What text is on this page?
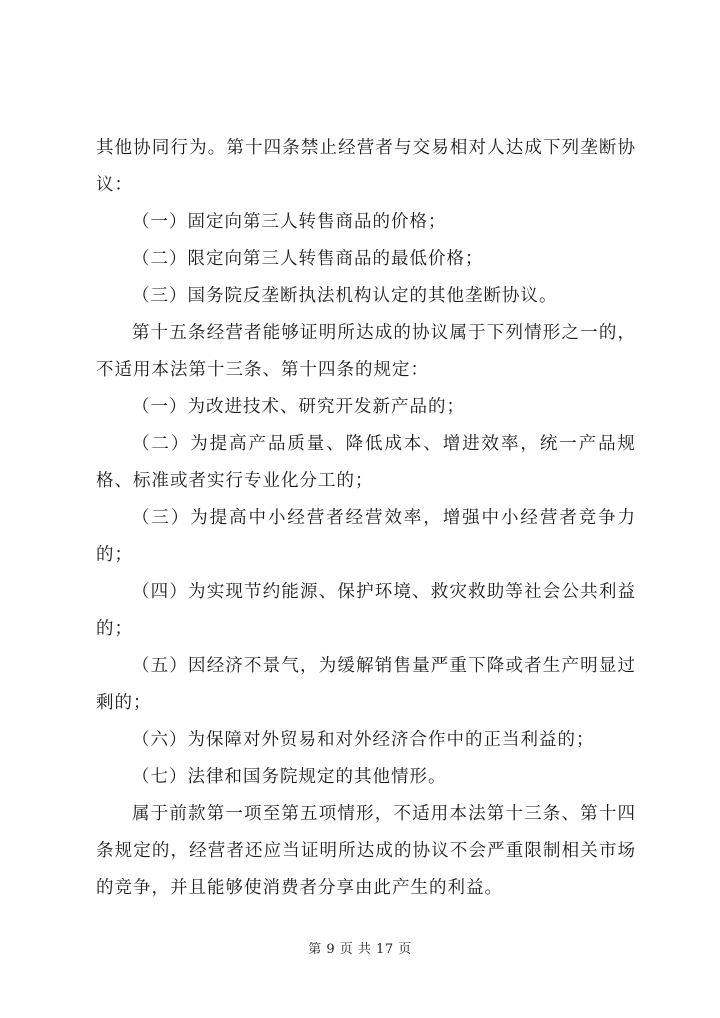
其他协同行为。第十四条禁止经营者与交易相对人达成下列垄断协议：

（一）固定向第三人转售商品的价格；

（二）限定向第三人转售商品的最低价格；

（三）国务院反垄断执法机构认定的其他垄断协议。

第十五条经营者能够证明所达成的协议属于下列情形之一的，不适用本法第十三条、第十四条的规定：

（一）为改进技术、研究开发新产品的；

（二）为提高产品质量、降低成本、增进效率，统一产品规格、标准或者实行专业化分工的；

（三）为提高中小经营者经营效率，增强中小经营者竞争力的；

（四）为实现节约能源、保护环境、救灾救助等社会公共利益的；

（五）因经济不景气，为缓解销售量严重下降或者生产明显过剩的；

（六）为保障对外贸易和对外经济合作中的正当利益的；

（七）法律和国务院规定的其他情形。

属于前款第一项至第五项情形，不适用本法第十三条、第十四条规定的，经营者还应当证明所达成的协议不会严重限制相关市场的竞争，并且能够使消费者分享由此产生的利益。

第 9 页 共 17 页
